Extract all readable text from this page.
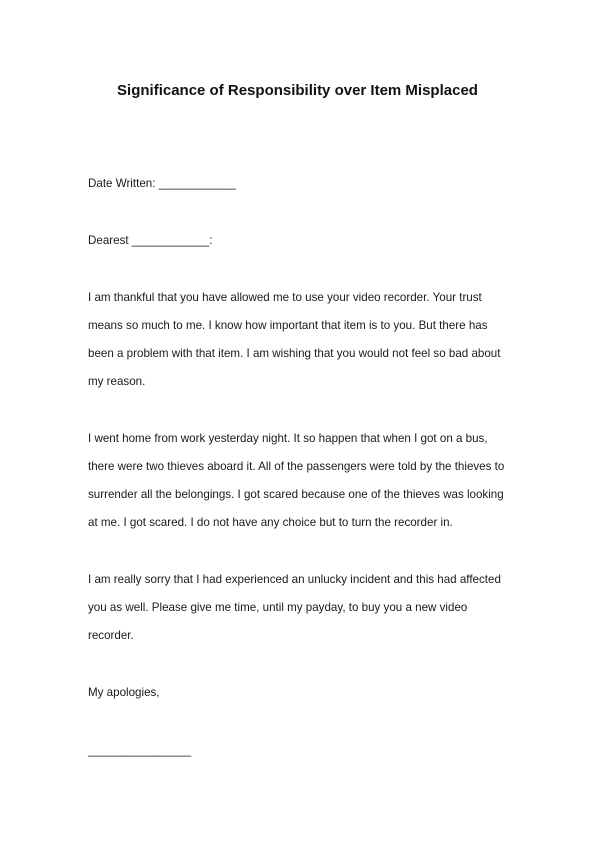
Significance of Responsibility over Item Misplaced
Date Written: ____________
Dearest ____________:
I am thankful that you have allowed me to use your video recorder. Your trust
means so much to me. I know how important that item is to you. But there has
been a problem with that item. I am wishing that you would not feel so bad about
my reason.
I went home from work yesterday night. It so happen that when I got on a bus,
there were two thieves aboard it. All of the passengers were told by the thieves to
surrender all the belongings. I got scared because one of the thieves was looking
at me. I got scared. I do not have any choice but to turn the recorder in.
I am really sorry that I had experienced an unlucky incident and this had affected
you as well. Please give me time, until my payday, to buy you a new video
recorder.
My apologies,
________________
